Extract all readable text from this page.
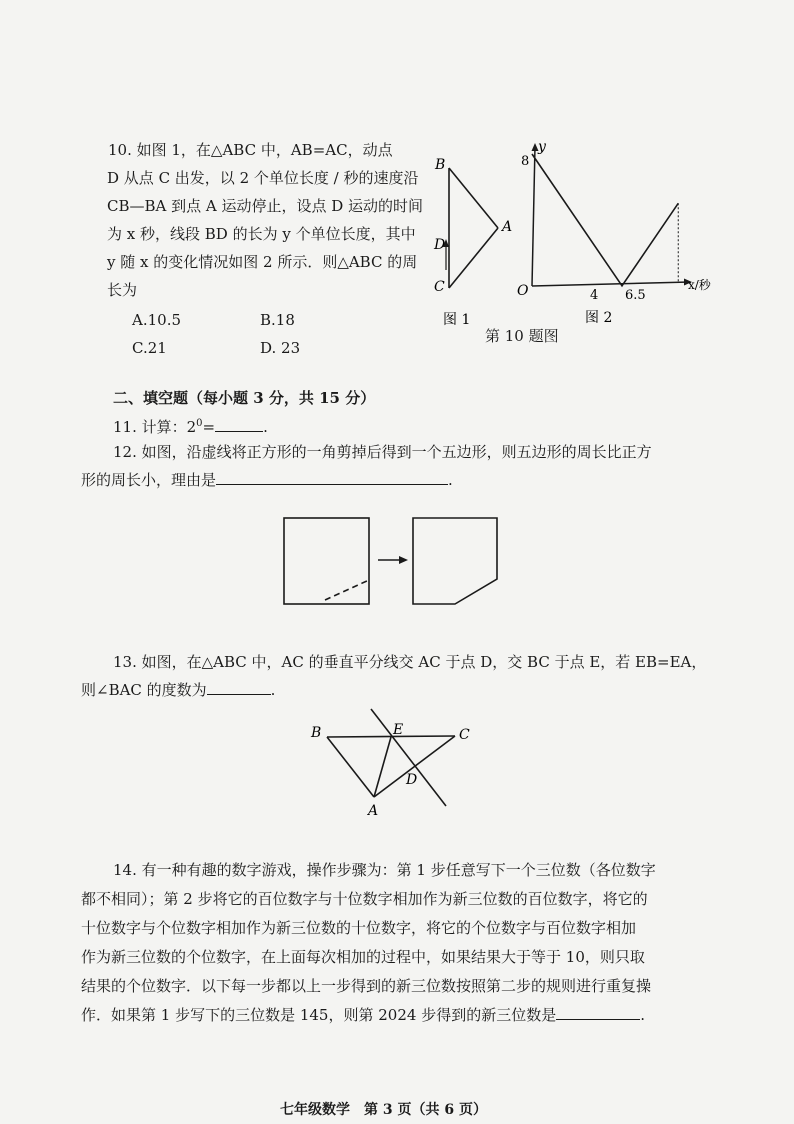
10. 如图 1，在△ABC 中，AB=AC，动点
D 从点 C 出发，以 2 个单位长度 / 秒的速度沿
CB—BA 到点 A 运动停止，设点 D 运动的时间
为 x 秒，线段 BD 的长为 y 个单位长度，其中
y 随 x 的变化情况如图 2 所示．则△ABC 的周
长为
A.10.5	B.18
C.21	D. 23
B
D
A
C
图 1
y
8
O	4 6.5
x/秒
图 2
第 10 题图
二、填空题（每小题 3 分，共 15 分）
11. 计算：$2^0=$	.
12. 如图，沿虚线将正方形的一角剪掉后得到一个五边形，则五边形的周长比正方
形的周长小，理由是	.
13. 如图，在△ABC 中，AC 的垂直平分线交 AC 于点 D，交 BC 于点 E，若 EB=EA，
则∠BAC 的度数为	.
B	E	C
D
A
14. 有一种有趣的数字游戏，操作步骤为：第 1 步任意写下一个三位数（各位数字
都不相同）；第 2 步将它的百位数字与十位数字相加作为新三位数的百位数字，将它的
十位数字与个位数字相加作为新三位数的十位数字，将它的个位数字与百位数字相加
作为新三位数的个位数字，在上面每次相加的过程中，如果结果大于等于 10，则只取
结果的个位数字．以下每一步都以上一步得到的新三位数按照第二步的规则进行重复操
作．如果第 1 步写下的三位数是 145，则第 2024 步得到的新三位数是	.
七年级数学　第 3 页（共 6 页）
